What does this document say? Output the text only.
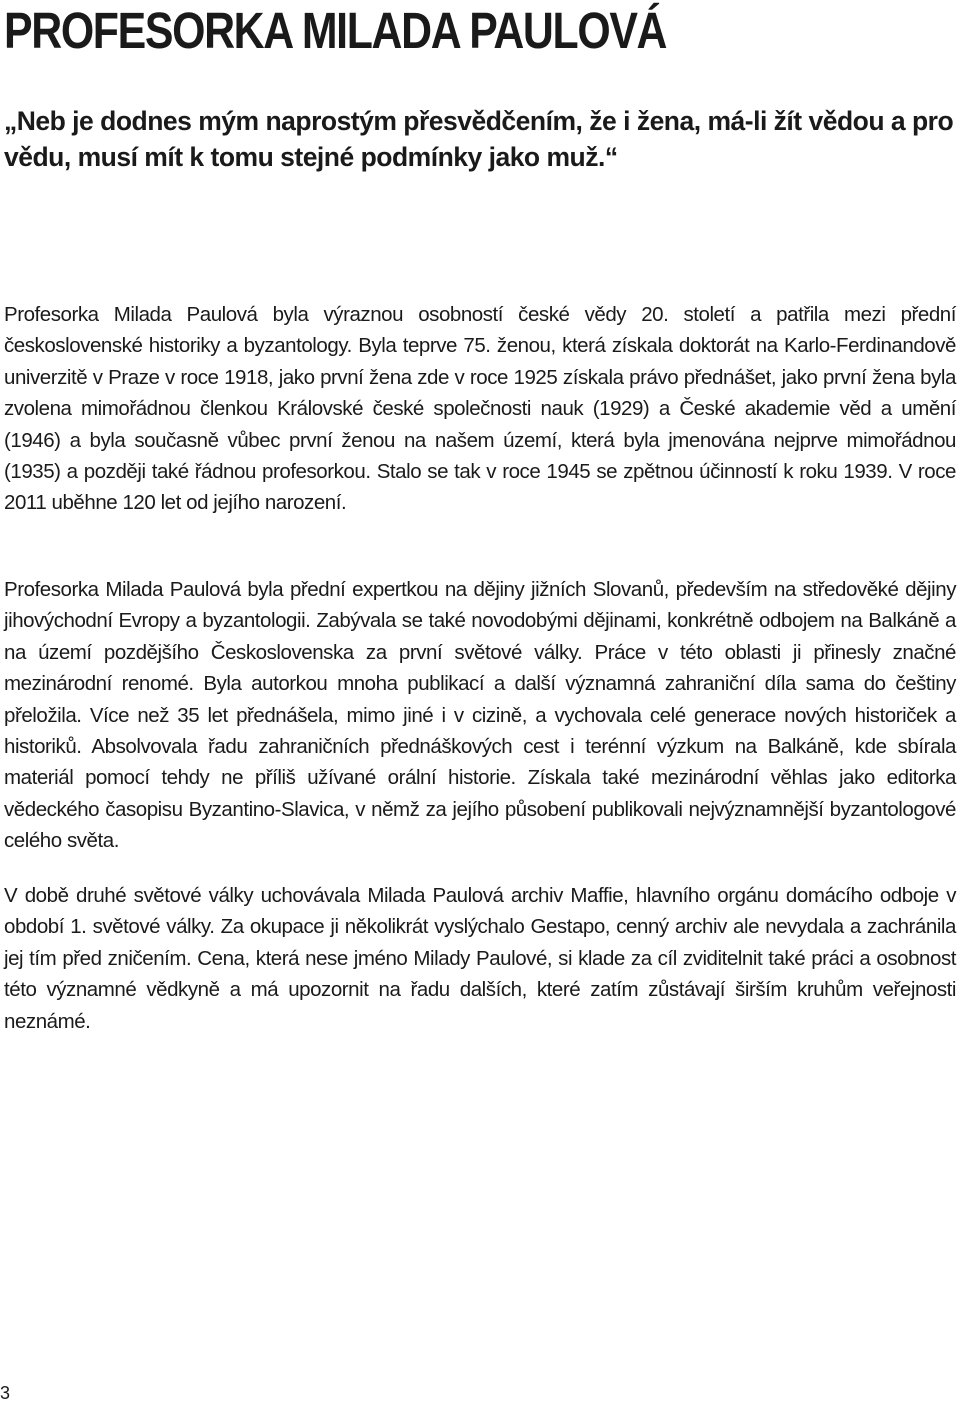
PROFESORKA MILADA PAULOVÁ

„Neb je dodnes mým naprostým přesvědčením, že i žena, má-li žít vědou a pro vědu, musí mít k tomu stejné podmínky jako muž.“

Profesorka Milada Paulová byla výraznou osobností české vědy 20. století a patřila mezi přední československé historiky a byzantology. Byla teprve 75. ženou, která získala doktorát na Karlo-Ferdinandově univerzitě v Praze v roce 1918, jako první žena zde v roce 1925 získala právo přednášet, jako první žena byla zvolena mimořádnou členkou Královské české společnosti nauk (1929) a České akademie věd a umění (1946) a byla současně vůbec první ženou na našem území, která byla jmenována nejprve mimořádnou (1935) a později také řádnou profesorkou. Stalo se tak v roce 1945 se zpětnou účinností k roku 1939. V roce 2011 uběhne 120 let od jejího narození.

Profesorka Milada Paulová byla přední expertkou na dějiny jižních Slovanů, především na středověké dějiny jihovýchodní Evropy a byzantologii. Zabývala se také novodobými dějinami, konkrétně odbojem na Balkáně a na území pozdějšího Československa za první světové války. Práce v této oblasti ji přinesly značné mezinárodní renomé. Byla autorkou mnoha publikací a další významná zahraniční díla sama do češtiny přeložila. Více než 35 let přednášela, mimo jiné i v cizině, a vychovala celé generace nových historiček a historiků. Absolvovala řadu zahraničních přednáškových cest i terénní výzkum na Balkáně, kde sbírala materiál pomocí tehdy ne příliš užívané orální historie. Získala také mezinárodní věhlas jako editorka vědeckého časopisu Byzantino-Slavica, v němž za jejího působení publikovali nejvýznamnější byzantologové celého světa.

V době druhé světové války uchovávala Milada Paulová archiv Maffie, hlavního orgánu domácího odboje v období 1. světové války. Za okupace ji několikrát vyslýchalo Gestapo, cenný archiv ale nevydala a zachránila jej tím před zničením. Cena, která nese jméno Milady Paulové, si klade za cíl zviditelnit také práci a osobnost této významné vědkyně a má upozornit na řadu dalších, které zatím zůstávají širším kruhům veřejnosti neznámé.

3
